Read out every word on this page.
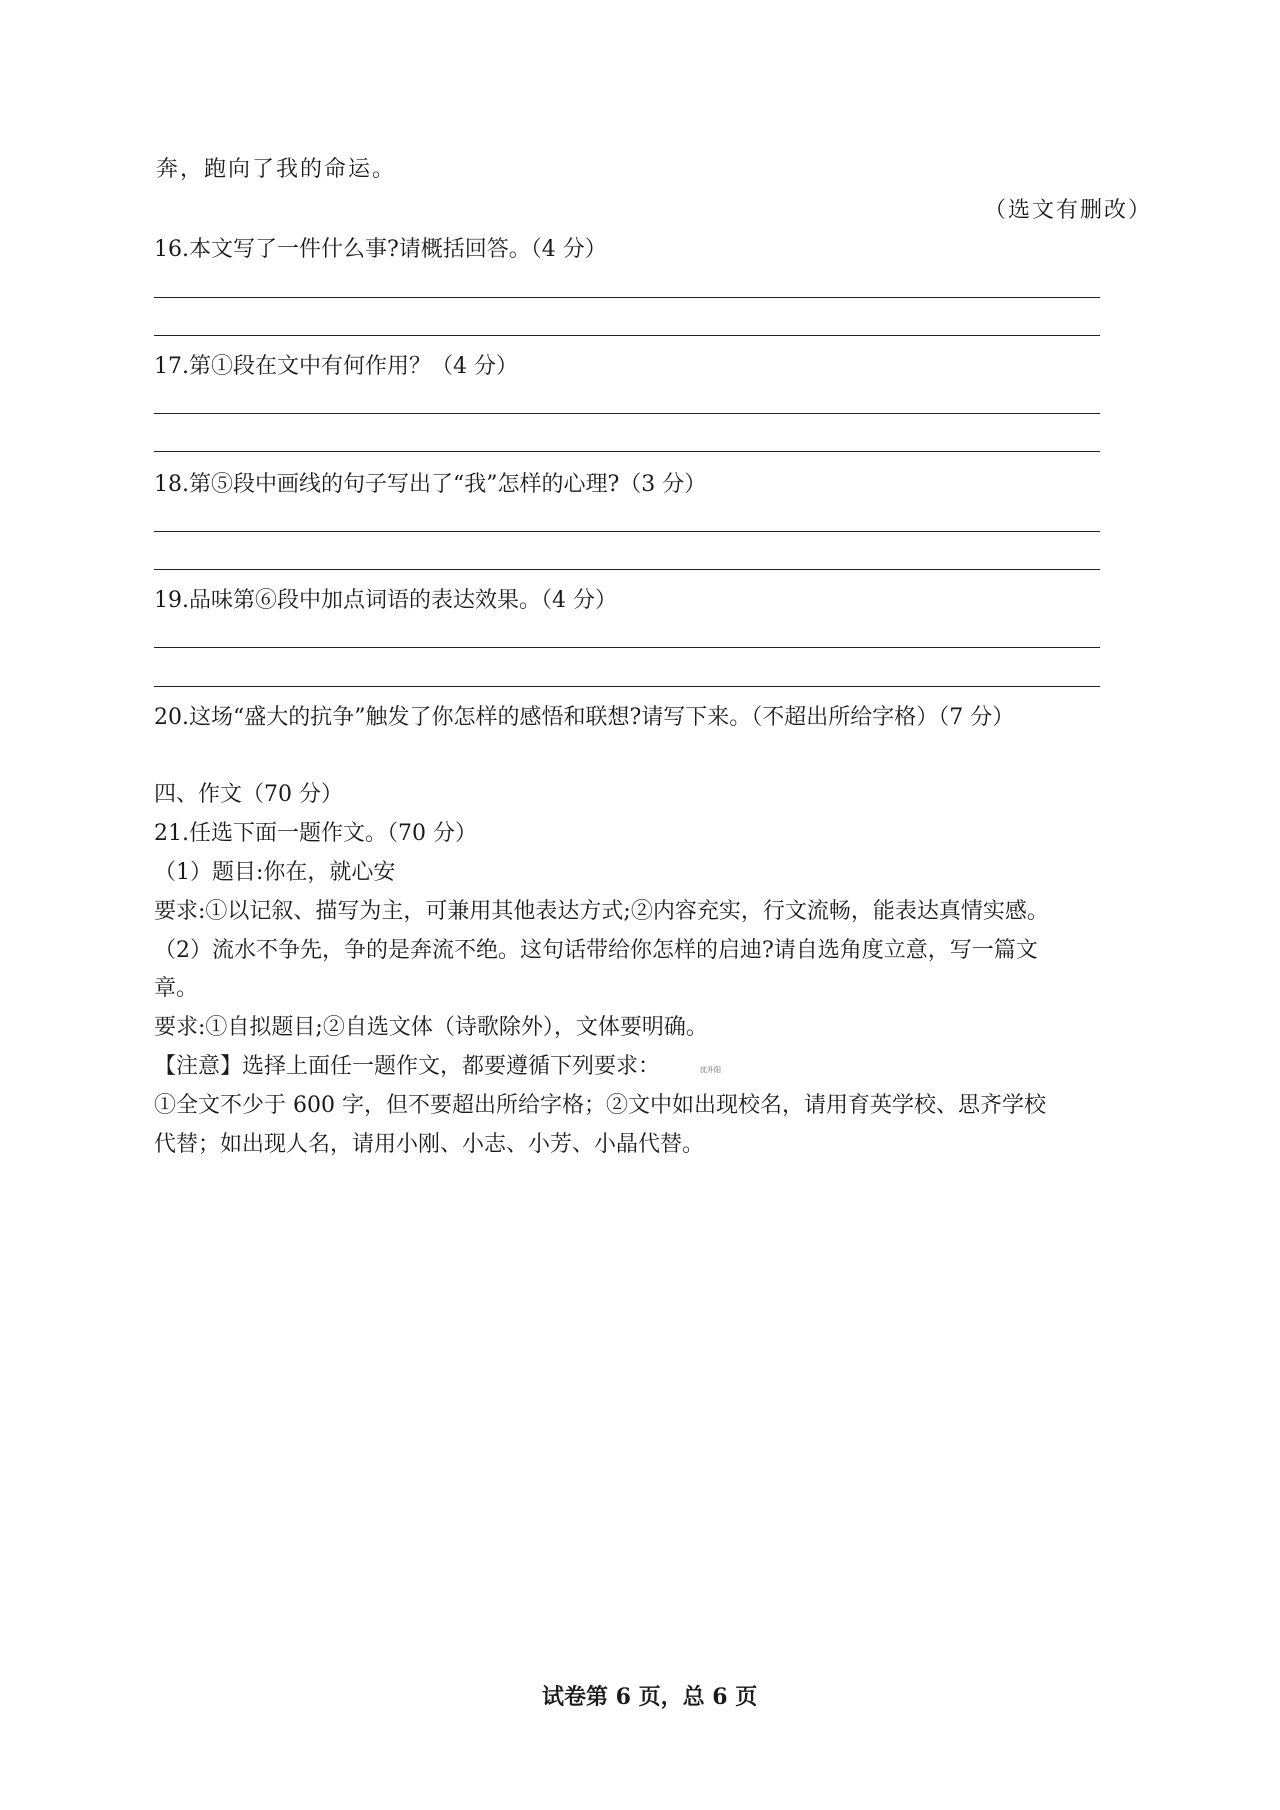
奔，跑向了我的命运。
（选文有删改）
16.本文写了一件什么事?请概括回答。（4 分）
17.第①段在文中有何作用？（4 分）
18.第⑤段中画线的句子写出了“我”怎样的心理?（3 分）
19.品味第⑥段中加点词语的表达效果。（4 分）
20.这场“盛大的抗争”触发了你怎样的感悟和联想?请写下来。（不超出所给字格）（7 分）
四、作文（70 分）
21.任选下面一题作文。（70 分）
（1）题目:你在，就心安
要求:①以记叙、描写为主，可兼用其他表达方式;②内容充实，行文流畅，能表达真情实感。
（2）流水不争先，争的是奔流不绝。这句话带给你怎样的启迪?请自选角度立意，写一篇文
章。
要求:①自拟题目;②自选文体（诗歌除外），文体要明确。
【注意】选择上面任一题作文，都要遵循下列要求：	沈升阳
①全文不少于 600 字，但不要超出所给字格；②文中如出现校名，请用育英学校、思齐学校
代替；如出现人名，请用小刚、小志、小芳、小晶代替。
试卷第 6 页，总 6 页
